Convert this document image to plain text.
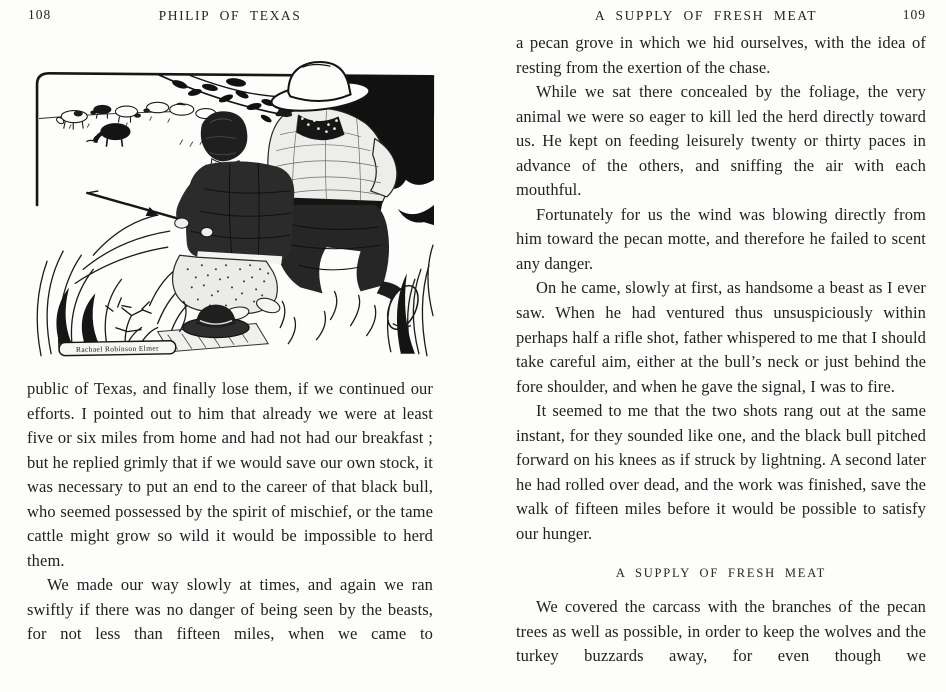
108	PHILIP OF TEXAS
Rachael Robinson Elmer

public of Texas, and finally lose them, if we continued our efforts. I pointed out to him that already we were at least five or six miles from home and had not had our breakfast ; but he replied grimly that if we would save our own stock, it was necessary to put an end to the career of that black bull, who seemed possessed by the spirit of mischief, or the tame cattle might grow so wild it would be impossible to herd them.

We made our way slowly at times, and again we ran swiftly if there was no danger of being seen by the beasts, for not less than fifteen miles, when we came to

A SUPPLY OF FRESH MEAT	109

a pecan grove in which we hid ourselves, with the idea of resting from the exertion of the chase.

While we sat there concealed by the foliage, the very animal we were so eager to kill led the herd directly toward us. He kept on feeding leisurely twenty or thirty paces in advance of the others, and sniffing the air with each mouthful.

Fortunately for us the wind was blowing directly from him toward the pecan motte, and therefore he failed to scent any danger.

On he came, slowly at first, as handsome a beast as I ever saw. When he had ventured thus unsuspiciously within perhaps half a rifle shot, father whispered to me that I should take careful aim, either at the bull’s neck or just behind the fore shoulder, and when he gave the signal, I was to fire.

It seemed to me that the two shots rang out at the same instant, for they sounded like one, and the black bull pitched forward on his knees as if struck by lightning. A second later he had rolled over dead, and the work was finished, save the walk of fifteen miles before it would be possible to satisfy our hunger.

A SUPPLY OF FRESH MEAT

We covered the carcass with the branches of the pecan trees as well as possible, in order to keep the wolves and the turkey buzzards away, for even though we
